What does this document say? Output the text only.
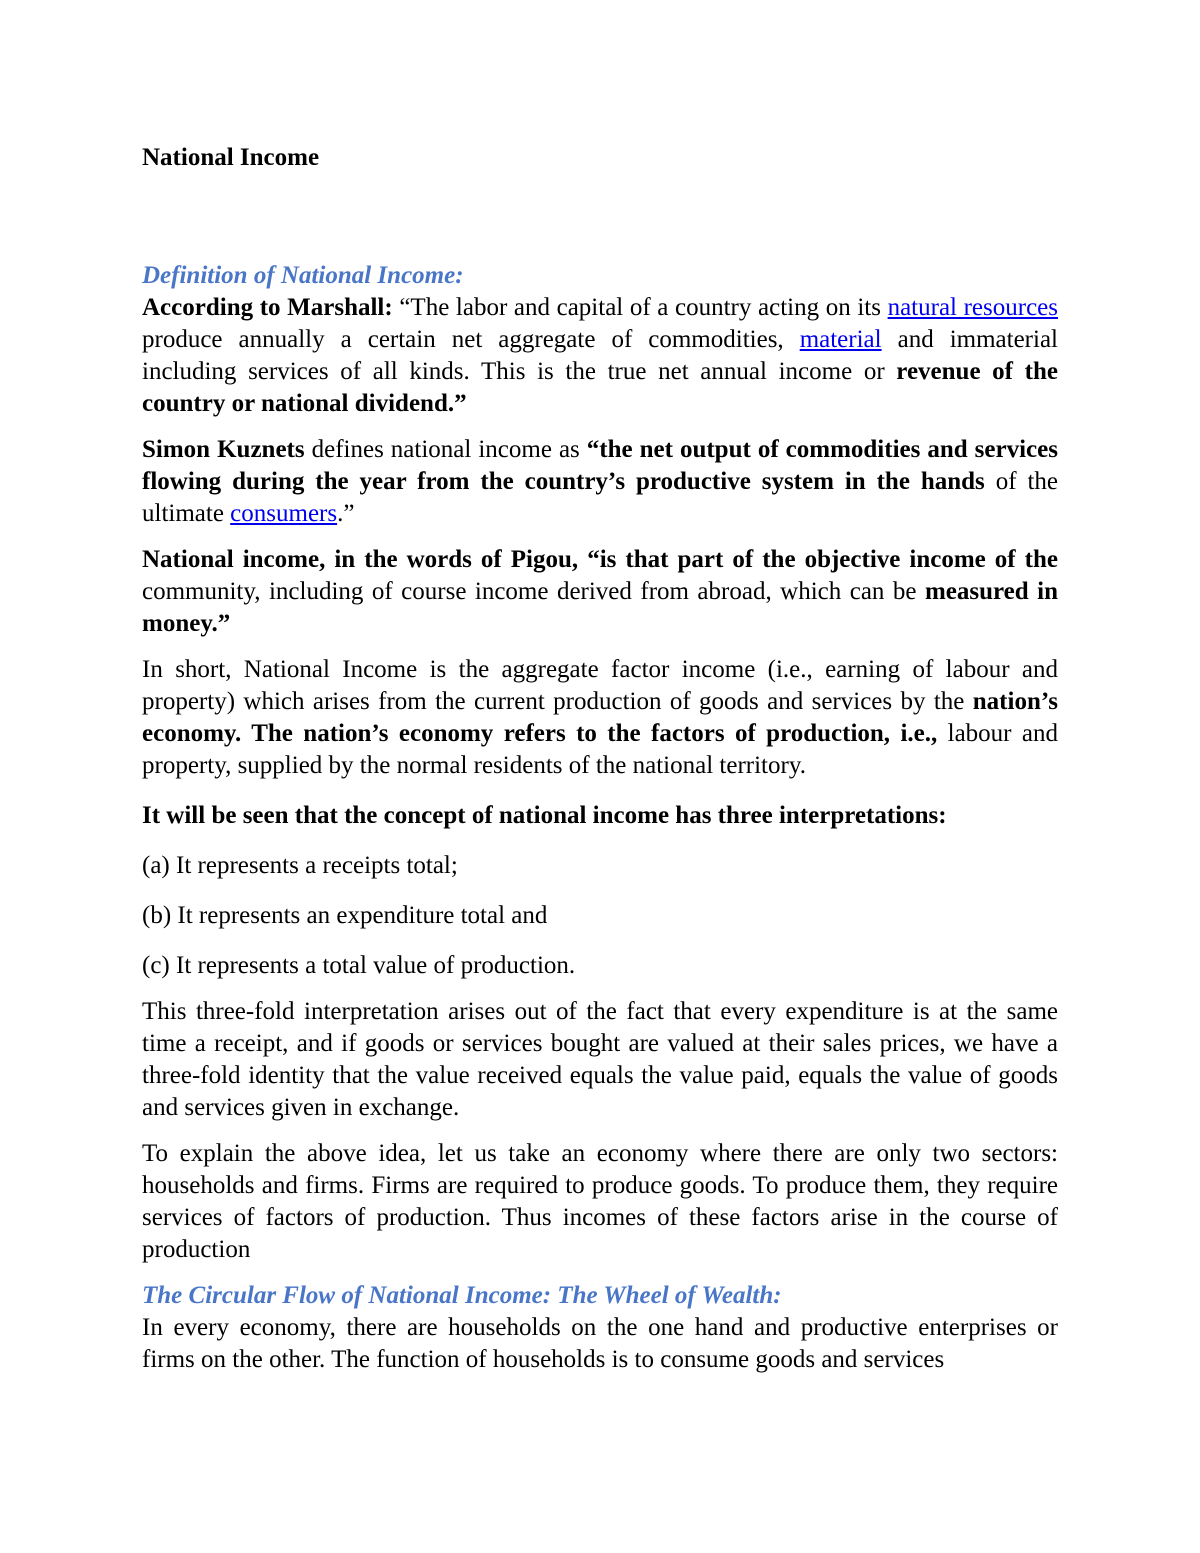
National Income
Definition of National Income:

According to Marshall: “The labor and capital of a country acting on its natural resources produce annually a certain net aggregate of commodities, material and immaterial including services of all kinds. This is the true net annual income or revenue of the country or national dividend.”

Simon Kuznets defines national income as “the net output of commodities and services flowing during the year from the country’s productive system in the hands of the ultimate consumers.”

National income, in the words of Pigou, “is that part of the objective income of the community, including of course income derived from abroad, which can be measured in money.”

In short, National Income is the aggregate factor income (i.e., earning of labour and property) which arises from the current production of goods and services by the nation’s economy. The nation’s economy refers to the factors of production, i.e., labour and property, supplied by the normal residents of the national territory.

It will be seen that the concept of national income has three interpretations:

(a) It represents a receipts total;

(b) It represents an expenditure total and

(c) It represents a total value of production.

This three-fold interpretation arises out of the fact that every expenditure is at the same time a receipt, and if goods or services bought are valued at their sales prices, we have a three-fold identity that the value received equals the value paid, equals the value of goods and services given in exchange.

To explain the above idea, let us take an economy where there are only two sectors: households and firms. Firms are required to produce goods. To produce them, they require services of factors of production. Thus incomes of these factors arise in the course of production

The Circular Flow of National Income: The Wheel of Wealth:

In every economy, there are households on the one hand and productive enterprises or firms on the other. The function of households is to consume goods and services
